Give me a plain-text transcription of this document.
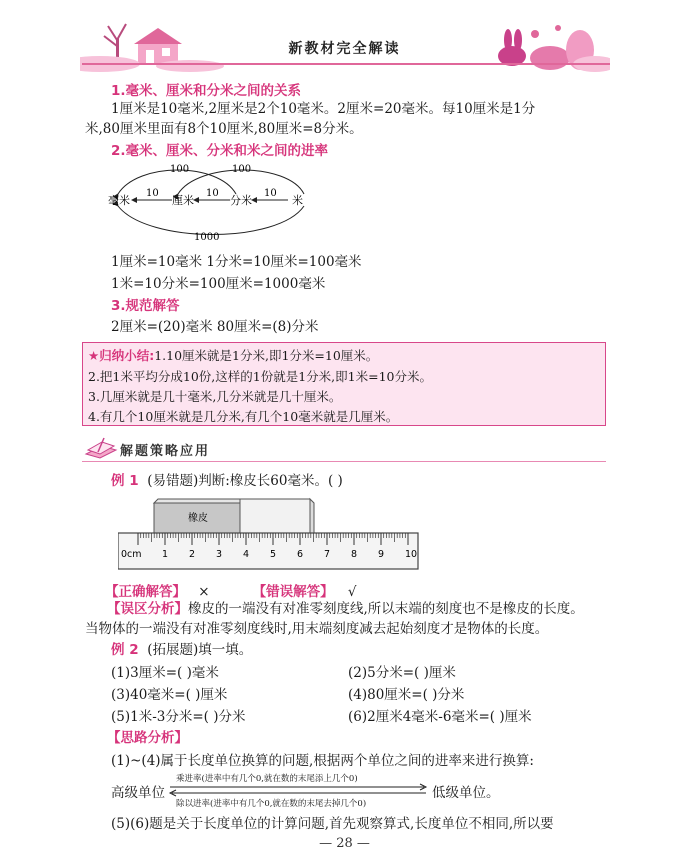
新教材完全解读
1.毫米、厘米和分米之间的关系
1厘米是10毫米,2厘米是2个10毫米。2厘米=20毫米。每10厘米是1分
米,80厘米里面有8个10厘米,80厘米=8分米。
2.毫米、厘米、分米和米之间的进率
毫米	厘米	分米	米
10	10	10
100	100
1000
1厘米=10毫米 1分米=10厘米=100毫米
1米=10分米=100厘米=1000毫米
3.规范解答
2厘米=(20)毫米 80厘米=(8)分米
★归纳小结:1.10厘米就是1分米,即1分米=10厘米。
2.把1米平均分成10份,这样的1份就是1分米,即1米=10分米。
3.几厘米就是几十毫米,几分米就是几十厘米。
4.有几个10厘米就是几分米,有几个10毫米就是几厘米。
解题策略应用
例 1 (易错题)判断:橡皮长60毫米。( )
橡皮
0cm 1 2 3 4 5 6 7 8 9 10
【正确解答】 ×	【错误解答】 √
【误区分析】橡皮的一端没有对准零刻度线,所以末端的刻度也不是橡皮的长度。
当物体的一端没有对准零刻度线时,用末端刻度减去起始刻度才是物体的长度。
例 2 (拓展题)填一填。
(1)3厘米=( )毫米	(2)5分米=( )厘米
(3)40毫米=( )厘米	(4)80厘米=( )分米
(5)1米-3分米=( )分米	(6)2厘米4毫米-6毫米=( )厘米
【思路分析】
(1)~(4)属于长度单位换算的问题,根据两个单位之间的进率来进行换算:
高级单位
乘进率(进率中有几个0,就在数的末尾添上几个0)
除以进率(进率中有几个0,就在数的末尾去掉几个0)
低级单位。
(5)(6)题是关于长度单位的计算问题,首先观察算式,长度单位不相同,所以要
— 28 —
